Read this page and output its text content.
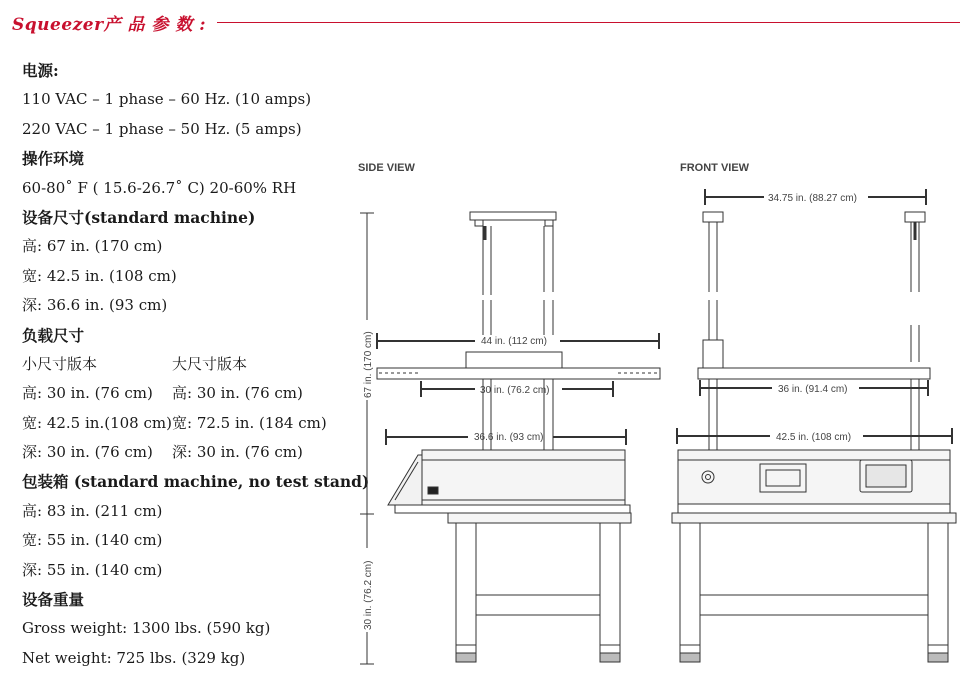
Squeezer产 品 参 数 :
电源:
110 VAC – 1 phase – 60 Hz. (10 amps)
220 VAC – 1 phase – 50 Hz. (5 amps)
操作环境
60-80˚ F ( 15.6-26.7˚ C) 20-60% RH
设备尺寸(standard machine)
高: 67 in. (170 cm)
宽: 42.5 in. (108 cm)
深: 36.6 in. (93 cm)
负载尺寸
小尺寸版本	大尺寸版本
高: 30 in. (76 cm) 高: 30 in. (76 cm)
宽: 42.5 in.(108 cm)宽: 72.5 in. (184 cm)
深: 30 in. (76 cm) 深: 30 in. (76 cm)
包装箱 (standard machine, no test stand)
高: 83 in. (211 cm)
宽: 55 in. (140 cm)
深: 55 in. (140 cm)
设备重量
Gross weight: 1300 lbs. (590 kg)
Net weight: 725 lbs. (329 kg)
SIDE VIEW
67 in. (170 cm)
30 in. (76.2 cm)
44 in. (112 cm)
30 in. (76.2 cm)
36.6 in. (93 cm)
FRONT VIEW
34.75 in. (88.27 cm)
36 in. (91.4 cm)
42.5 in. (108 cm)
